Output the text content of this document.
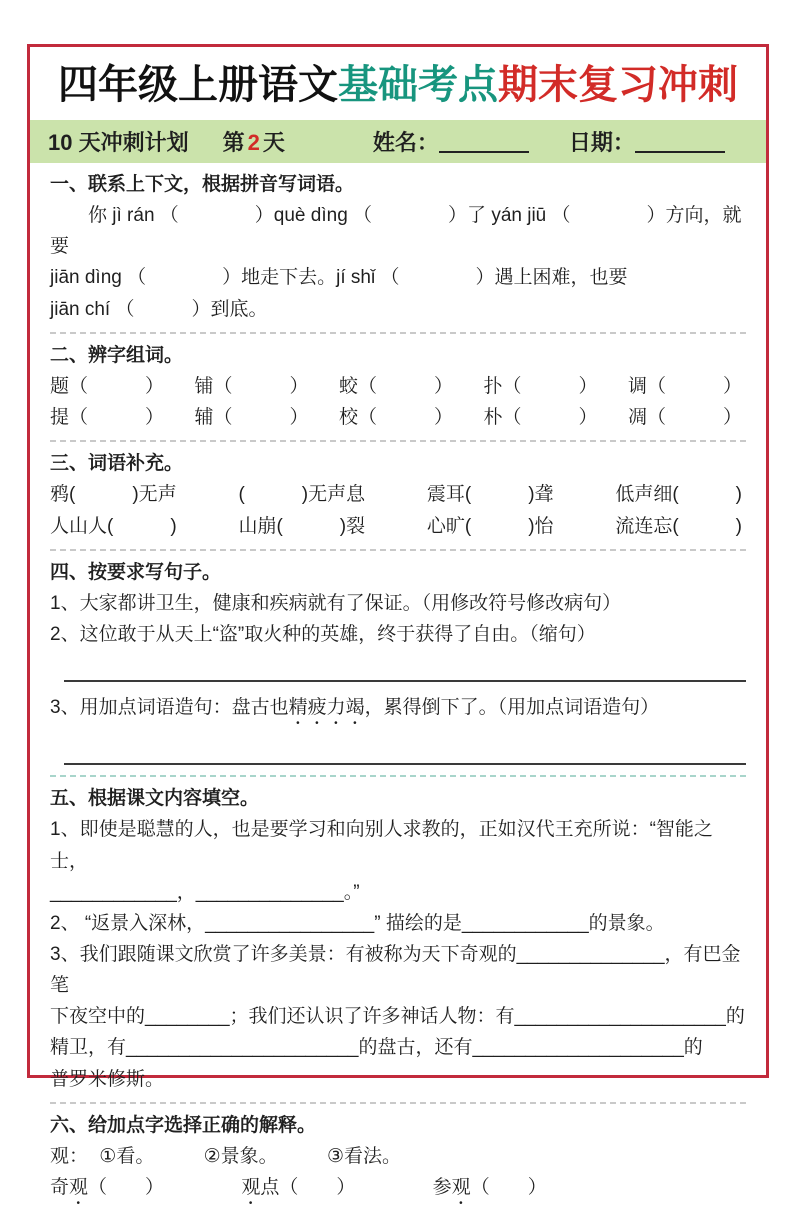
四年级上册语文基础考点期末复习冲刺
10 天冲刺计划 第 2 天	姓名：	日期：
一、联系上下文，根据拼音写词语。
你 jì rán （　　　　）què dìng （　　　　）了 yán jiū （　　　　）方向，就要
jiān dìng （　　　　）地走下去。jí shǐ （　　　　）遇上困难，也要
jiān chí （　　　）到底。
二、辨字组词。
题（　　　） 铺（　　　） 蛟（　　　） 扑（　　　） 调（　　　）
提（　　　） 辅（　　　） 校（　　　） 朴（　　　） 凋（　　　）
三、词语补充。
鸦(　　　)无声	(　　　)无声息	震耳(　　　)聋	低声细(　　　)
人山人(　　　)	山崩(　　　)裂	心旷(　　　)怡	流连忘(　　　)
四、按要求写句子。
1、大家都讲卫生，健康和疾病就有了保证。（用修改符号修改病句）
2、这位敢于从天上“盗”取火种的英雄，终于获得了自由。（缩句）
3、用加点词语造句：盘古也精疲力竭，累得倒下了。（用加点词语造句）
五、根据课文内容填空。
1、即使是聪慧的人，也是要学习和向别人求教的，正如汉代王充所说：“智能之士，
____________，______________。”
2、 “返景入深林，________________” 描绘的是____________的景象。
3、我们跟随课文欣赏了许多美景：有被称为天下奇观的______________，有巴金笔
下夜空中的________；我们还认识了许多神话人物：有____________________的
精卫，有______________________的盘古，还有____________________的
普罗米修斯。
六、给加点字选择正确的解释。
观： ①看。	②景象。	③看法。
奇观（　　）	观点（　　）	参观（　　）
